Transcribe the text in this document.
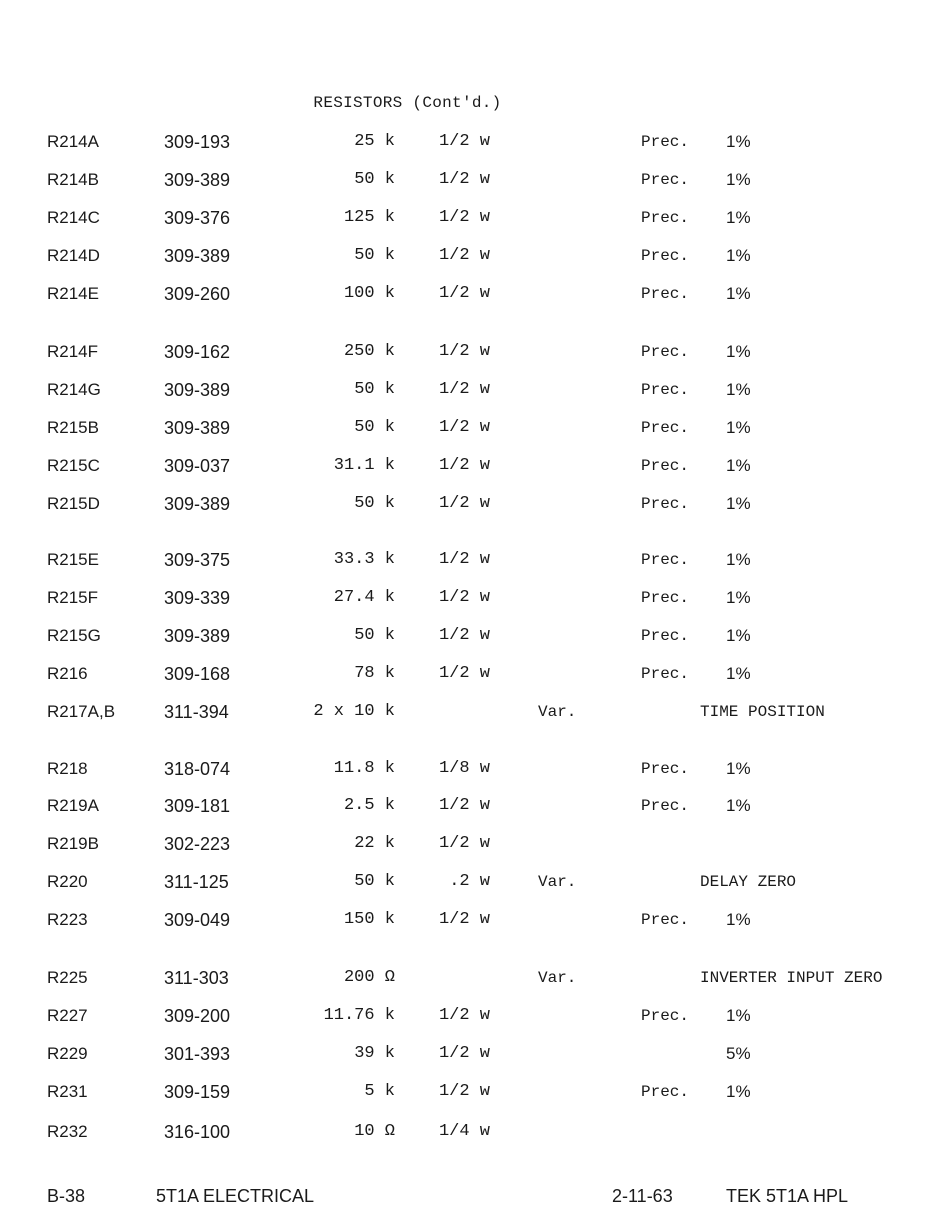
RESISTORS (Cont'd.)
R214A	309-193	25 k	1/2 w	Prec. 1%
R214B	309-389	50 k	1/2 w	Prec. 1%
R214C	309-376	125 k	1/2 w	Prec. 1%
R214D	309-389	50 k	1/2 w	Prec. 1%
R214E	309-260	100 k	1/2 w	Prec. 1%
R214F	309-162	250 k	1/2 w	Prec. 1%
R214G	309-389	50 k	1/2 w	Prec. 1%
R215B	309-389	50 k	1/2 w	Prec. 1%
R215C	309-037	31.1 k	1/2 w	Prec. 1%
R215D	309-389	50 k	1/2 w	Prec. 1%
R215E	309-375	33.3 k	1/2 w	Prec. 1%
R215F	309-339	27.4 k	1/2 w	Prec. 1%
R215G	309-389	50 k	1/2 w	Prec. 1%
R216	309-168	78 k	1/2 w	Prec. 1%
R217A,B	311-394	2 x 10 k	Var.	TIME POSITION
R218	318-074	11.8 k	1/8 w	Prec. 1%
R219A	309-181	2.5 k	1/2 w	Prec. 1%
R219B	302-223	22 k	1/2 w
R220	311-125	50 k	.2 w	Var.	DELAY ZERO
R223	309-049	150 k	1/2 w	Prec. 1%
R225	311-303	200 Ω	Var.	INVERTER INPUT ZERO
R227	309-200	11.76 k	1/2 w	Prec. 1%
R229	301-393	39 k	1/2 w	5%
R231	309-159	5 k	1/2 w	Prec. 1%
R232	316-100	10 Ω	1/4 w
B-38	5T1A ELECTRICAL	2-11-63	TEK 5T1A HPL
